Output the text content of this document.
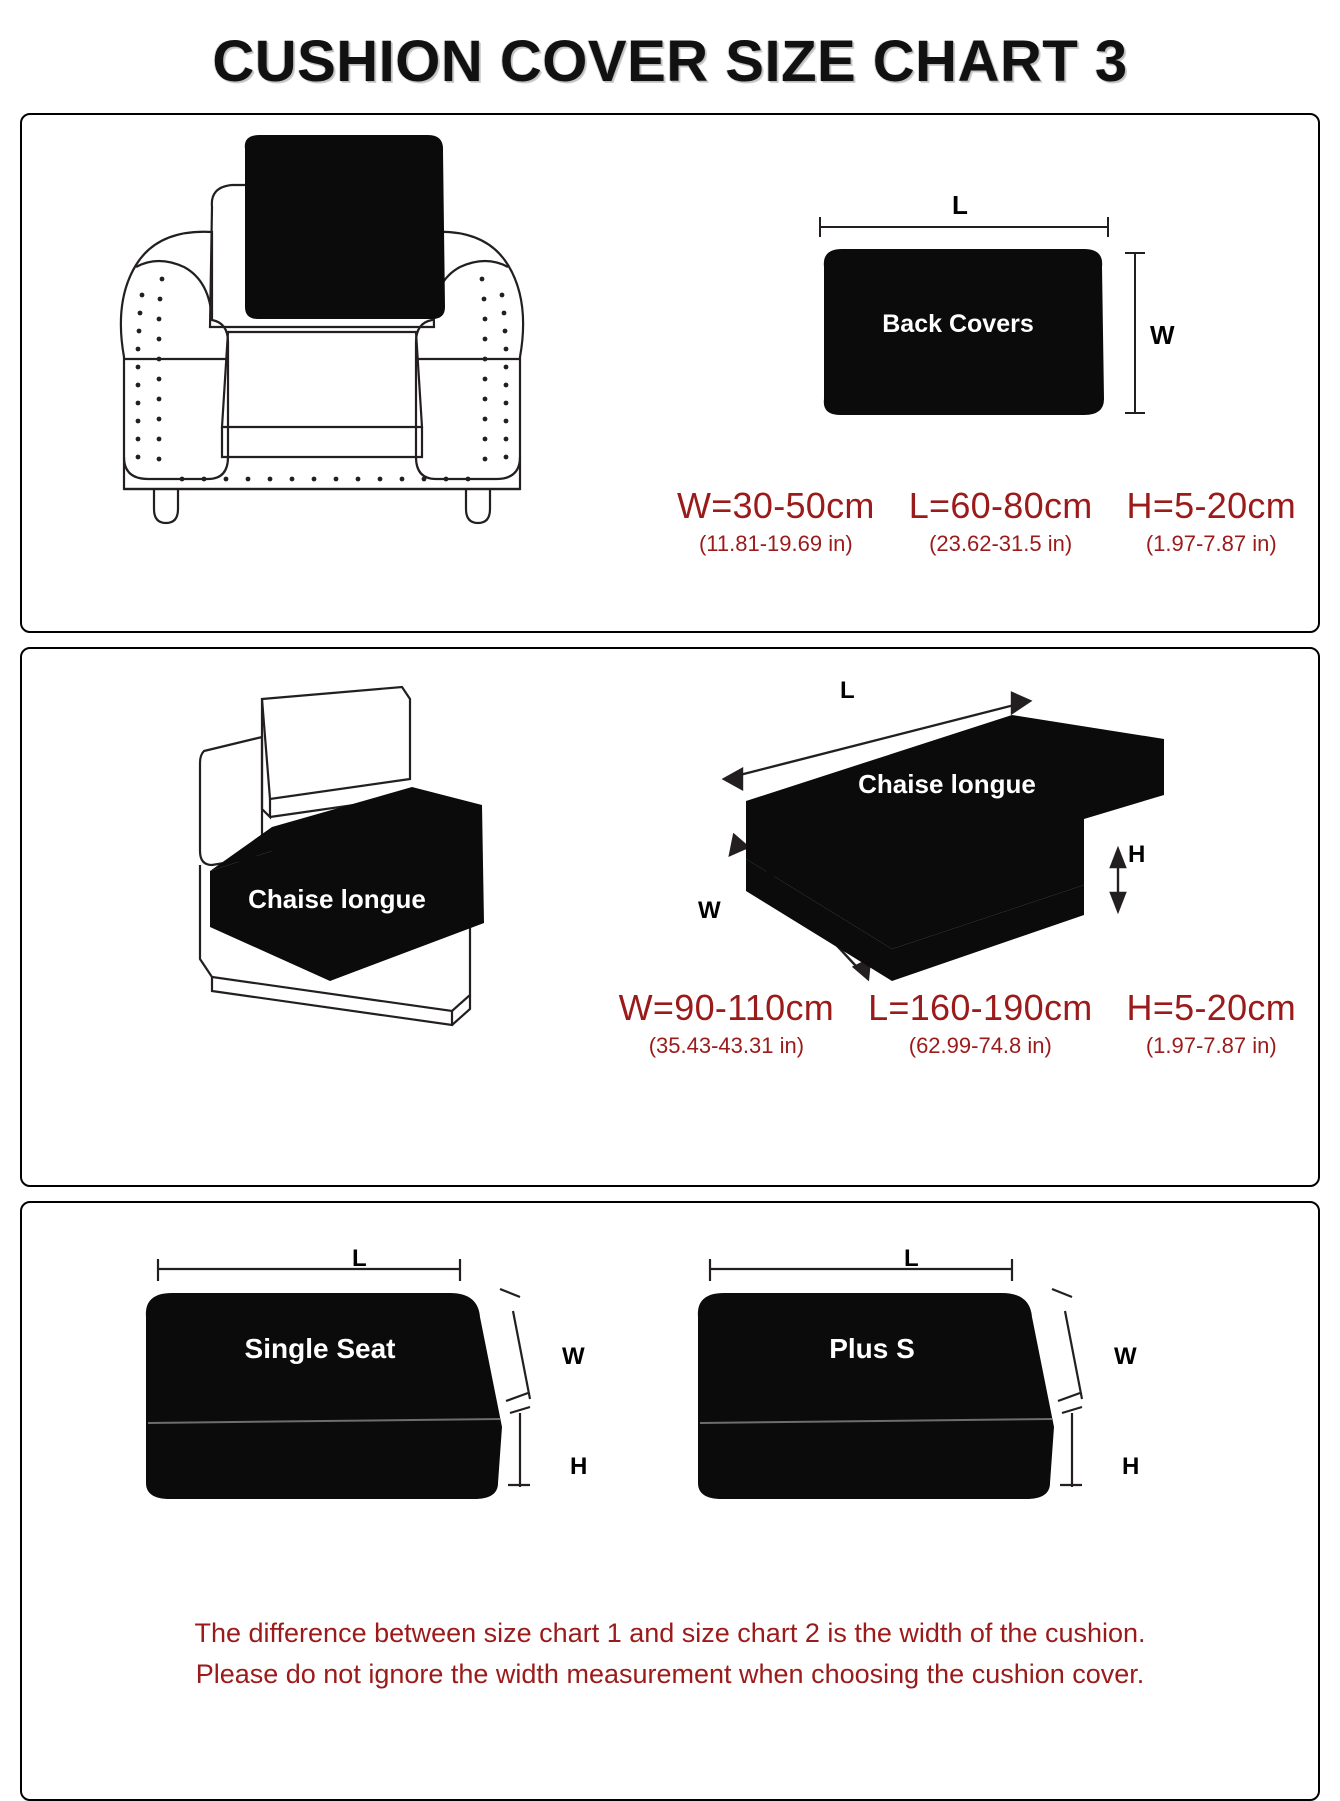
CUSHION COVER SIZE CHART 3
Back Covers
L
W
Back Covers
W=30-50cm
(11.81-19.69 in)
L=60-80cm
(23.62-31.5 in)
H=5-20cm
(1.97-7.87 in)
Chaise longue
L
W
H
Chaise longue
W=90-110cm
(35.43-43.31 in)
L=160-190cm
(62.99-74.8 in)
H=5-20cm
(1.97-7.87 in)
L
W
H
Single Seat
L
W
H
Plus S
The difference between size chart 1 and size chart 2 is the width of the cushion.
Please do not ignore the width measurement when choosing the cushion cover.
